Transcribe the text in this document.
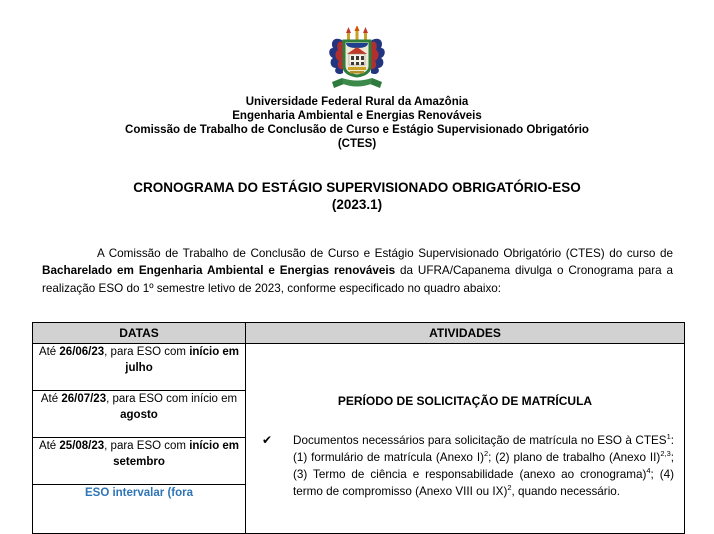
Universidade Federal Rural da Amazônia
Engenharia Ambiental e Energias Renováveis
Comissão de Trabalho de Conclusão de Curso e Estágio Supervisionado Obrigatório
(CTES)
CRONOGRAMA DO ESTÁGIO SUPERVISIONADO OBRIGATÓRIO-ESO
(2023.1)

A Comissão de Trabalho de Conclusão de Curso e Estágio Supervisionado Obrigatório (CTES) do curso de Bacharelado em Engenharia Ambiental e Energias renováveis da UFRA/Capanema divulga o Cronograma para a realização ESO do 1º semestre letivo de 2023, conforme especificado no quadro abaixo:

DATAS	ATIVIDADES
Até 26/06/23, para ESO com início em julho	PERÍODO DE SOLICITAÇÃO DE MATRÍCULA
✔ Documentos necessários para solicitação de matrícula no ESO à CTES$^1$: (1) formulário de matrícula (Anexo I)$^2$; (2) plano de trabalho (Anexo II)$^{2,3}$; (3) Termo de ciência e responsabilidade (anexo ao cronograma)$^4$; (4) termo de compromisso (Anexo VIII ou IX)$^2$, quando necessário.

Até 26/07/23, para ESO com início em agosto	
Até 25/08/23, para ESO com início em setembro	
ESO intervalar (fora	
